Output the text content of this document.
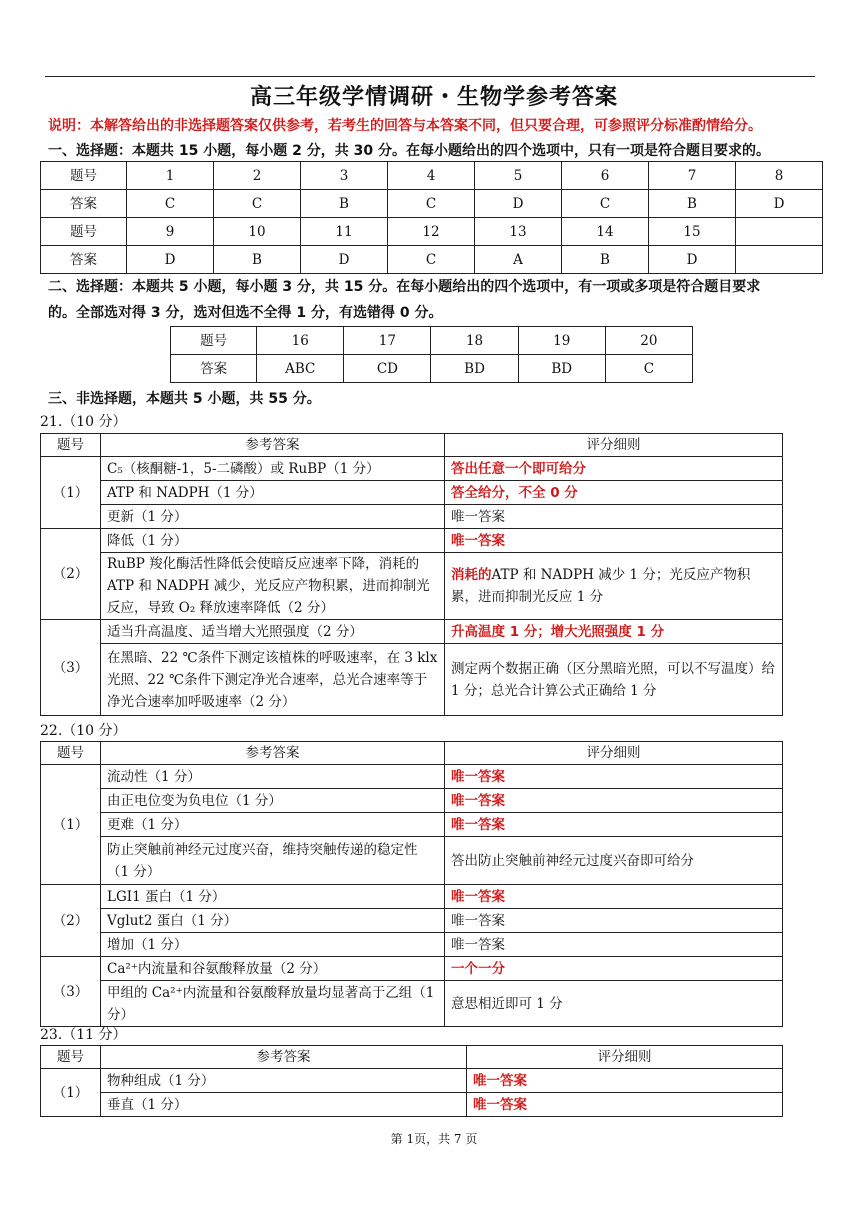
高三年级学情调研・生物学参考答案
说明：本解答给出的非选择题答案仅供参考，若考生的回答与本答案不同，但只要合理，可参照评分标准酌情给分。
一、选择题：本题共 15 小题，每小题 2 分，共 30 分。在每小题给出的四个选项中，只有一项是符合题目要求的。
题号	1	2	3	4	5	6	7	8
答案	C	C	B	C	D	C	B	D
题号	9	10	11	12	13	14	15	
答案	D	B	D	C	A	B	D	
二、选择题：本题共 5 小题，每小题 3 分，共 15 分。在每小题给出的四个选项中，有一项或多项是符合题目要求
的。全部选对得 3 分，选对但选不全得 1 分，有选错得 0 分。
题号	16	17	18	19	20
答案	ABC	CD	BD	BD	C
三、非选择题，本题共 5 小题，共 55 分。
21.（10 分）
题号	参考答案	评分细则
（1）	C₅（核酮糖-1，5-二磷酸）或 RuBP（1 分）	答出任意一个即可给分
	ATP 和 NADPH（1 分）	答全给分，不全 0 分
	更新（1 分）	唯一答案
（2）	降低（1 分）	唯一答案
	RuBP 羧化酶活性降低会使暗反应速率下降，消耗的 ATP 和 NADPH 减少，光反应产物积累，进而抑制光反应，导致 O₂ 释放速率降低（2 分）	消耗的ATP 和 NADPH 减少 1 分；光反应产物积累，进而抑制光反应 1 分
（3）	适当升高温度、适当增大光照强度（2 分）	升高温度 1 分；增大光照强度 1 分
	在黑暗、22 ℃条件下测定该植株的呼吸速率，在 3 klx 光照、22 ℃条件下测定净光合速率，总光合速率等于净光合速率加呼吸速率（2 分）	测定两个数据正确（区分黑暗光照，可以不写温度）给 1 分；总光合计算公式正确给 1 分
22.（10 分）
题号	参考答案	评分细则
（1）	流动性（1 分）	唯一答案
	由正电位变为负电位（1 分）	唯一答案
	更难（1 分）	唯一答案
	防止突触前神经元过度兴奋，维持突触传递的稳定性（1 分）	答出防止突触前神经元过度兴奋即可给分
（2）	LGI1 蛋白（1 分）	唯一答案
	Vglut2 蛋白（1 分）	唯一答案
	增加（1 分）	唯一答案
（3）	Ca²⁺内流量和谷氨酸释放量（2 分）	一个一分
	甲组的 Ca²⁺内流量和谷氨酸释放量均显著高于乙组（1 分）	意思相近即可 1 分
23.（11 分）
题号	参考答案	评分细则
（1）	物种组成（1 分）	唯一答案
	垂直（1 分）	唯一答案
第 1页，共 7 页
